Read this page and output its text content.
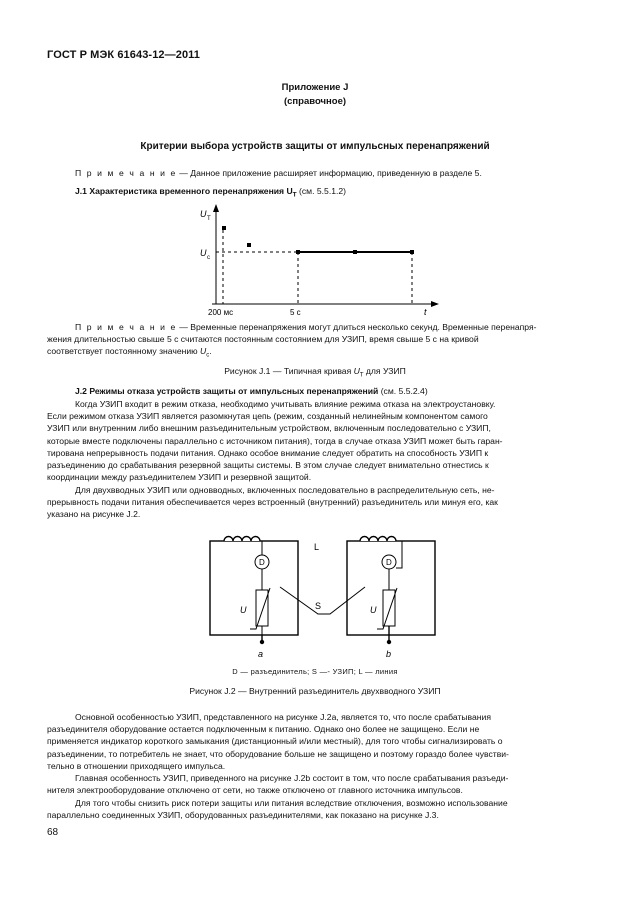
ГОСТ Р МЭК 61643-12—2011
Приложение J
(справочное)
Критерии выбора устройств защиты от импульсных перенапряжений
П р и м е ч а н и е — Данное приложение расширяет информацию, приведенную в разделе 5.
J.1 Характеристика временного перенапряжения $U_T$ (см. 5.5.1.2)
U T
U c
200 мс	5 с	t
П р и м е ч а н и е — Временные перенапряжения могут длиться несколько секунд. Временные перенапря-
жения длительностью свыше 5 с считаются постоянным состоянием для УЗИП, время свыше 5 с на кривой
соответствует постоянному значению $U_c$.
Рисунок J.1 — Типичная кривая $U_T$ для УЗИП
J.2 Режимы отказа устройств защиты от импульсных перенапряжений (см. 5.5.2.4)
Когда УЗИП входит в режим отказа, необходимо учитывать влияние режима отказа на электроустановку.
Если режимом отказа УЗИП является разомкнутая цепь (режим, созданный нелинейным компонентом самого
УЗИП или внутренним либо внешним разъединительным устройством, включенным последовательно с УЗИП,
которые вместе подключены параллельно с источником питания), тогда в случае отказа УЗИП может быть гаран-
тирована непрерывность подачи питания. Однако особое внимание следует обратить на способность УЗИП к
разъединению до срабатывания резервной защиты системы. В этом случае следует внимательно отнестись к
координации между разъединителем УЗИП и резервной защитой.
Для двухвводных УЗИП или одновводных, включенных последовательно в распределительную сеть, не-
прерывность подачи питания обеспечивается через встроенный (внутренний) разъединитель или минуя его, как
указано на рисунке J.2.
D
U
а
D
U
b
S
L
D — разъединитель; S —- УЗИП; L — линия
Рисунок J.2 — Внутренний разъединитель двухвводного УЗИП
Основной особенностью УЗИП, представленного на рисунке J.2а, является то, что после срабатывания
разъединителя оборудование остается подключенным к питанию. Однако оно более не защищено. Если не
применяется индикатор короткого замыкания (дистанционный и/или местный), для того чтобы сигнализировать о
разъединении, то потребитель не знает, что оборудование больше не защищено и поэтому гораздо более чувстви-
тельно в отношении приходящего импульса.
Главная особенность УЗИП, приведенного на рисунке J.2b состоит в том, что после срабатывания разъеди-
нителя электрооборудование отключено от сети, но также отключено от главного источника импульсов.
Для того чтобы снизить риск потери защиты или питания вследствие отключения, возможно использование
параллельно соединенных УЗИП, оборудованных разъединителями, как показано на рисунке J.3.
68
